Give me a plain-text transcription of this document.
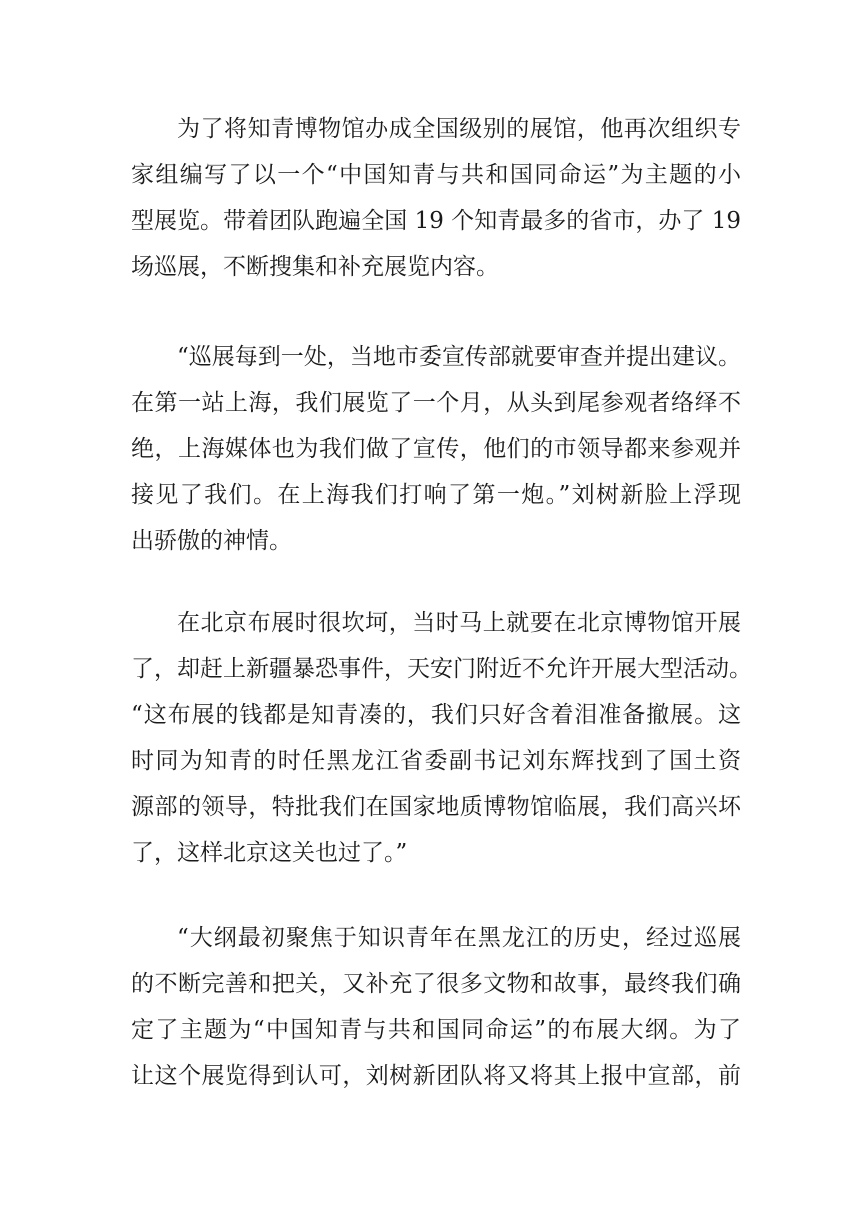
为了将知青博物馆办成全国级别的展馆，他再次组织专
家组编写了以一个“中国知青与共和国同命运”为主题的小
型展览。带着团队跑遍全国 19 个知青最多的省市，办了 19
场巡展，不断搜集和补充展览内容。
“巡展每到一处，当地市委宣传部就要审查并提出建议。
在第一站上海，我们展览了一个月，从头到尾参观者络绎不
绝，上海媒体也为我们做了宣传，他们的市领导都来参观并
接见了我们。在上海我们打响了第一炮。”刘树新脸上浮现
出骄傲的神情。
在北京布展时很坎坷，当时马上就要在北京博物馆开展
了，却赶上新疆暴恐事件，天安门附近不允许开展大型活动。
“这布展的钱都是知青凑的，我们只好含着泪准备撤展。这
时同为知青的时任黑龙江省委副书记刘东辉找到了国土资
源部的领导，特批我们在国家地质博物馆临展，我们高兴坏
了，这样北京这关也过了。”
“大纲最初聚焦于知识青年在黑龙江的历史，经过巡展
的不断完善和把关，又补充了很多文物和故事，最终我们确
定了主题为“中国知青与共和国同命运”的布展大纲。为了
让这个展览得到认可，刘树新团队将又将其上报中宣部，前
